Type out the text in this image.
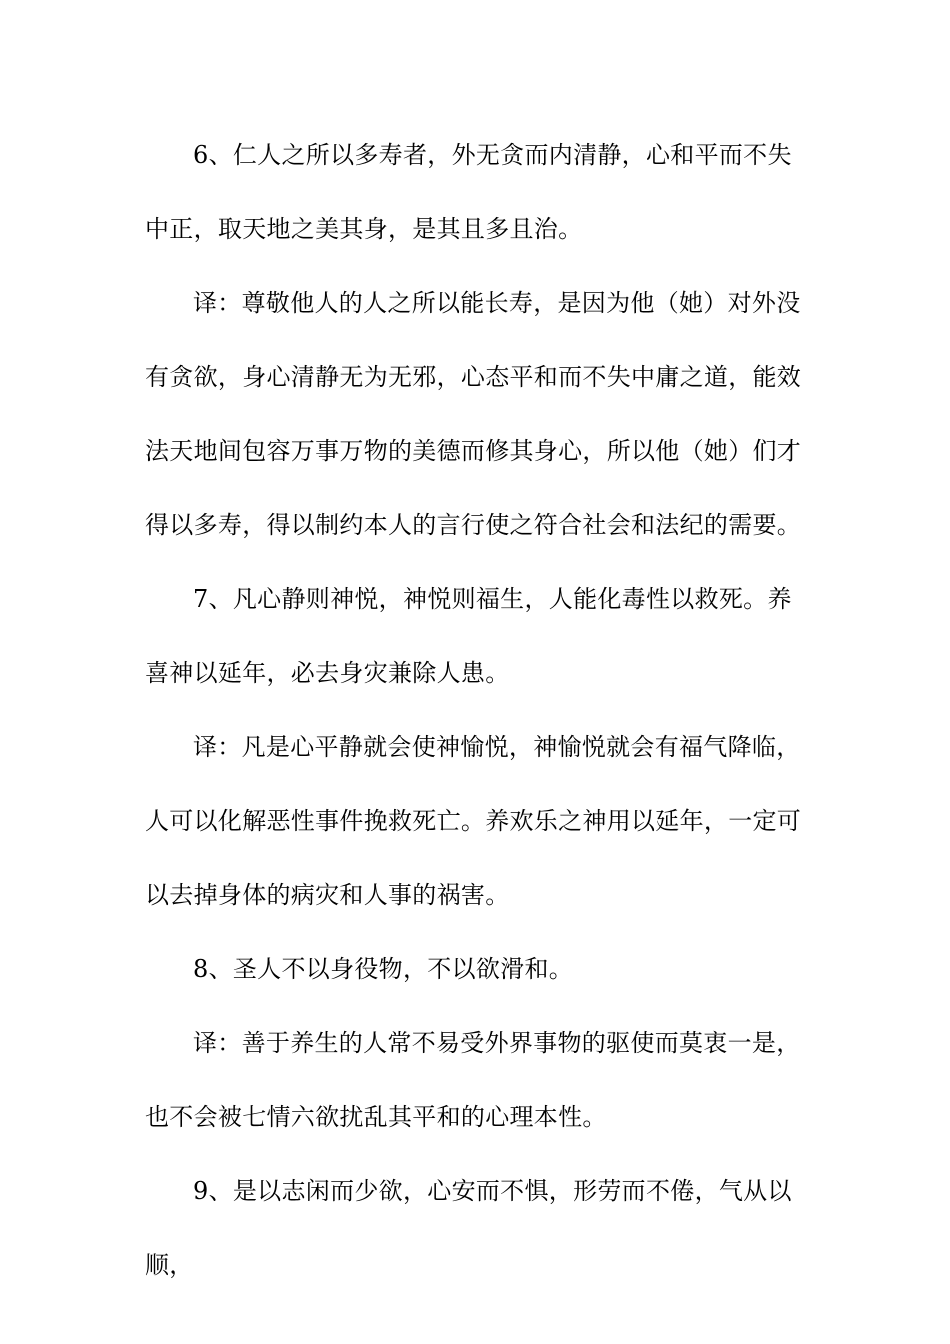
6、仁人之所以多寿者，外无贪而内清静，心和平而不失中正，取天地之美其身，是其且多且治。

译：尊敬他人的人之所以能长寿，是因为他（她）对外没有贪欲，身心清静无为无邪，心态平和而不失中庸之道，能效法天地间包容万事万物的美德而修其身心，所以他（她）们才得以多寿，得以制约本人的言行使之符合社会和法纪的需要。

7、凡心静则神悦，神悦则福生，人能化毒性以救死。养喜神以延年，必去身灾兼除人患。

译：凡是心平静就会使神愉悦，神愉悦就会有福气降临，人可以化解恶性事件挽救死亡。养欢乐之神用以延年，一定可以去掉身体的病灾和人事的祸害。

8、圣人不以身役物，不以欲滑和。

译：善于养生的人常不易受外界事物的驱使而莫衷一是，也不会被七情六欲扰乱其平和的心理本性。

9、是以志闲而少欲，心安而不惧，形劳而不倦，气从以顺，
